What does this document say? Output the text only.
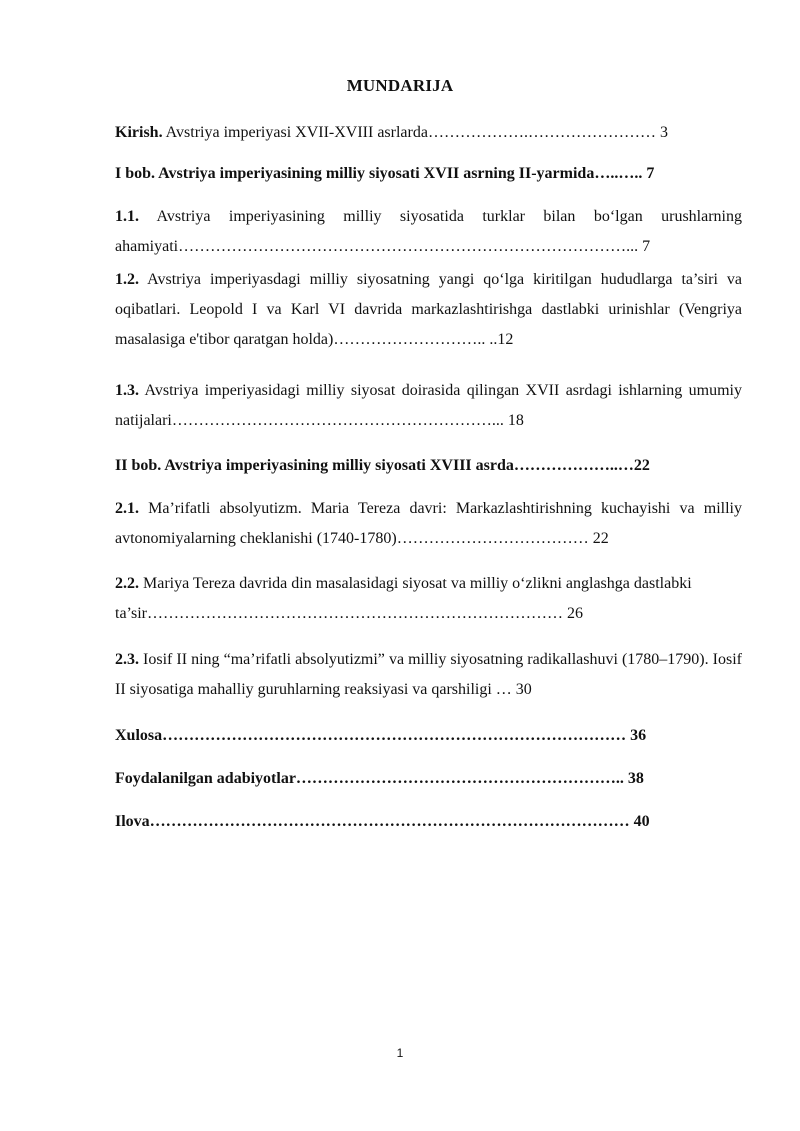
MUNDARIJA
Kirish. Avstriya imperiyasi XVII-XVIII asrlarda……………….…………………… 3
I bob. Avstriya imperiyasining milliy siyosati XVII asrning II-yarmida…..….. 7
1.1. Avstriya imperiyasining milliy siyosatida turklar bilan bo‘lgan urushlarning ahamiyati…………………………………………………………………………... 7
1.2. Avstriya imperiyasdagi milliy siyosatning yangi qo‘lga kiritilgan hududlarga ta’siri va oqibatlari. Leopold I va Karl VI davrida markazlashtirishga dastlabki urinishlar (Vengriya masalasiga e'tibor qaratgan holda)……………………….. ..12
1.3. Avstriya imperiyasidagi milliy siyosat doirasida qilingan XVII asrdagi ishlarning umumiy natijalari……………………………………………………... 18
II bob. Avstriya imperiyasining milliy siyosati XVIII asrda………………..…22
2.1. Ma’rifatli absolyutizm. Maria Tereza davri: Markazlashtirishning kuchayishi va milliy avtonomiyalarning cheklanishi (1740-1780)……………………………… 22
2.2. Mariya Tereza davrida din masalasidagi siyosat va milliy o‘zlikni anglashga dastlabki ta’sir…………………………………………………………………… 26
2.3. Iosif II ning “ma’rifatli absolyutizmi” va milliy siyosatning radikallashuvi (1780–1790). Iosif II siyosatiga mahalliy guruhlarning reaksiyasi va qarshiligi … 30
Xulosa…………………………………………………………………………… 36
Foydalanilgan adabiyotlar…………………………………………………….. 38
Ilova……………………………………………………………………………… 40
1
